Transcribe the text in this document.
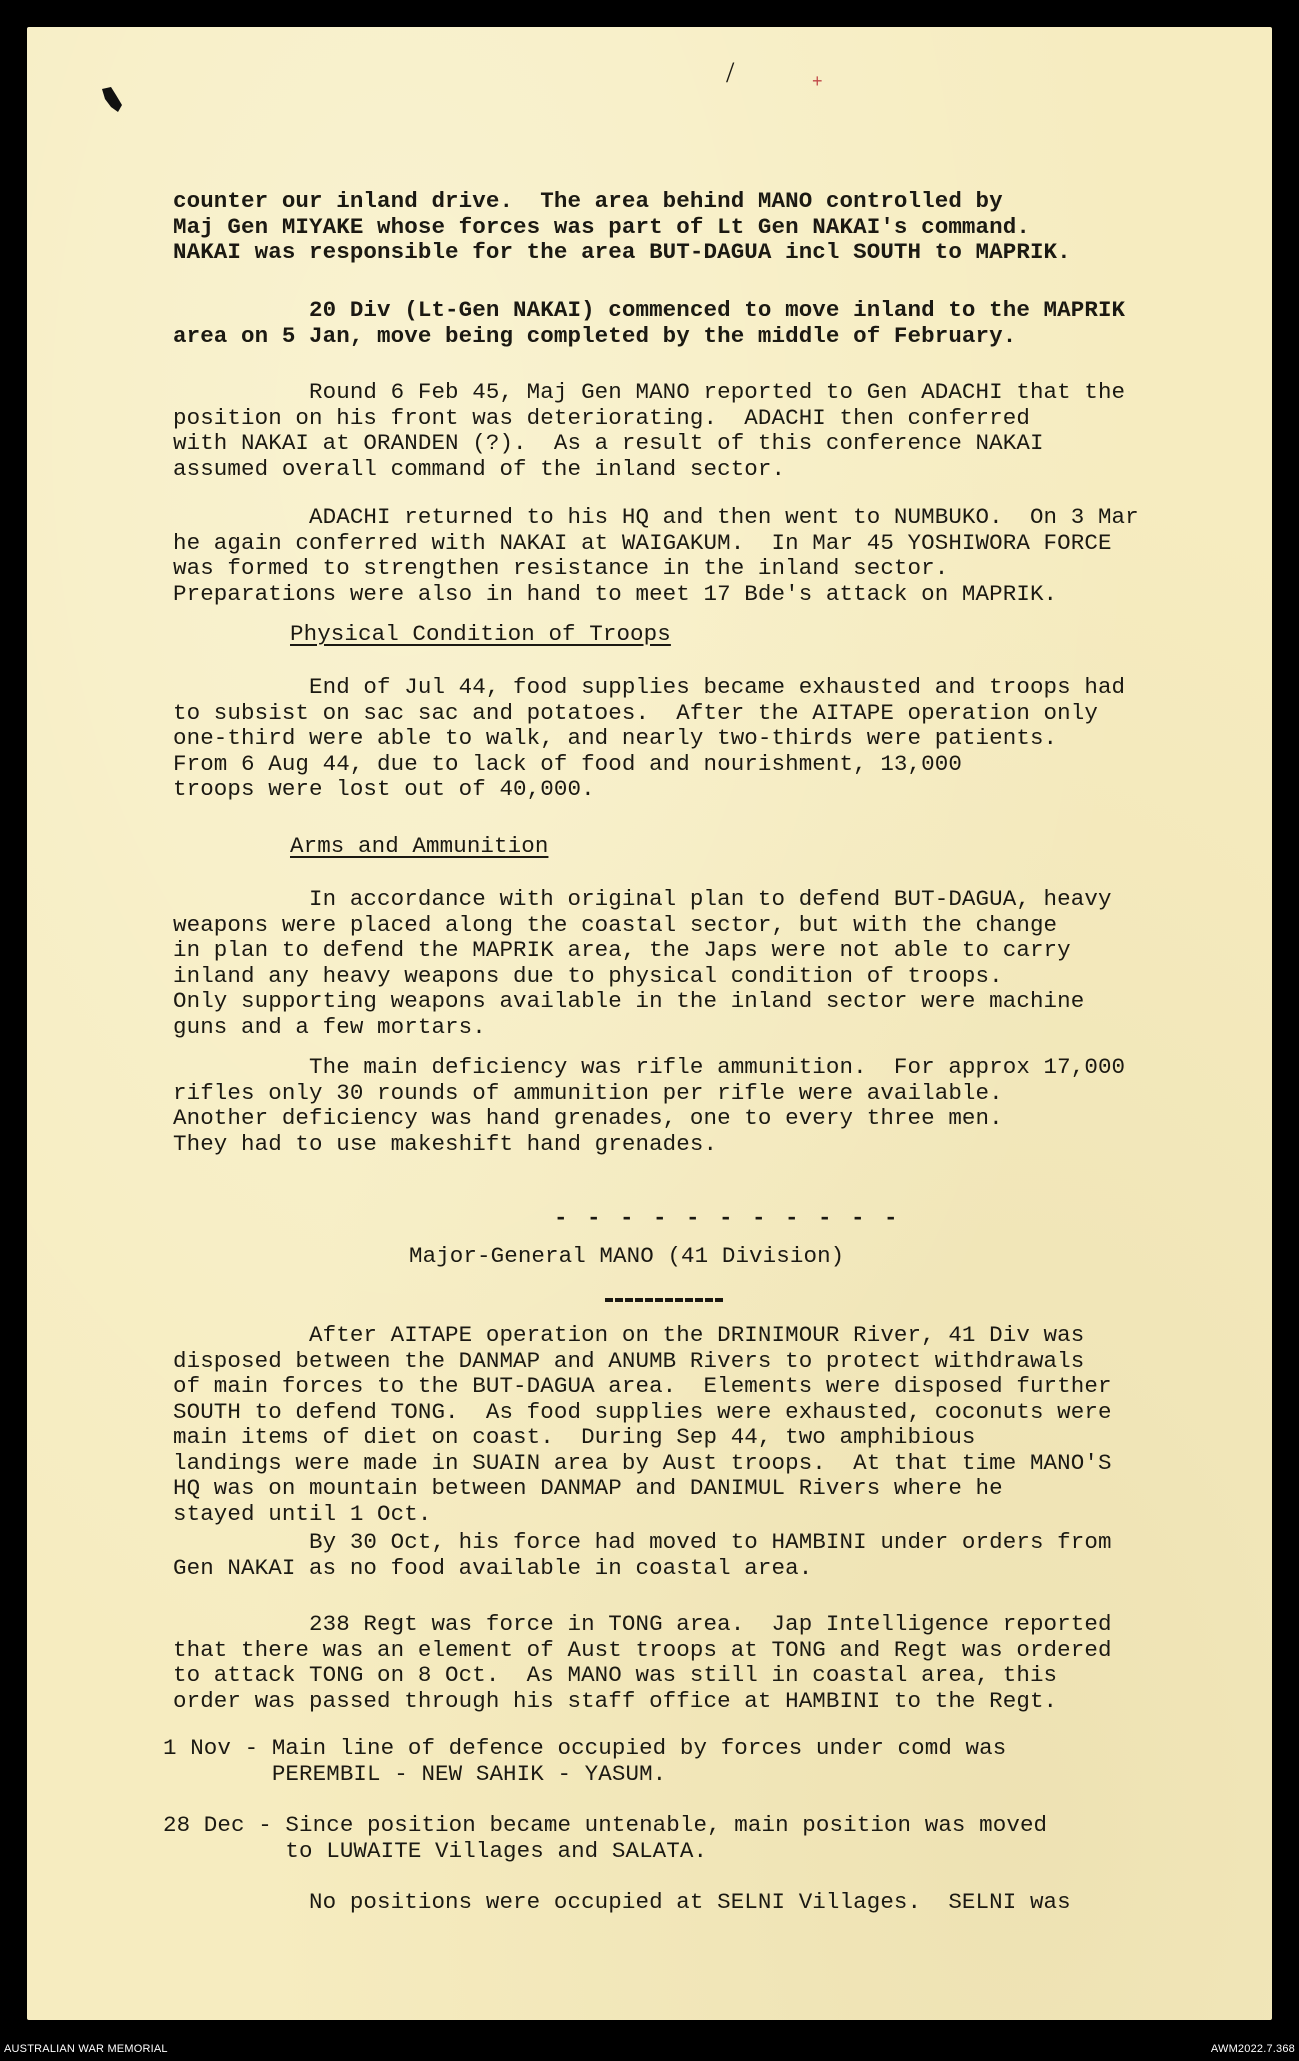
/	+
counter our inland drive.  The area behind MANO controlled by
Maj Gen MIYAKE whose forces was part of Lt Gen NAKAI's command.
NAKAI was responsible for the area BUT-DAGUA incl SOUTH to MAPRIK.
20 Div (Lt-Gen NAKAI) commenced to move inland to the MAPRIK
area on 5 Jan, move being completed by the middle of February.
Round 6 Feb 45, Maj Gen MANO reported to Gen ADACHI that the
position on his front was deteriorating.  ADACHI then conferred
with NAKAI at ORANDEN (?).  As a result of this conference NAKAI
assumed overall command of the inland sector.
ADACHI returned to his HQ and then went to NUMBUKO.  On 3 Mar
he again conferred with NAKAI at WAIGAKUM.  In Mar 45 YOSHIWORA FORCE
was formed to strengthen resistance in the inland sector.
Preparations were also in hand to meet 17 Bde's attack on MAPRIK.
Physical Condition of Troops
End of Jul 44, food supplies became exhausted and troops had
to subsist on sac sac and potatoes.  After the AITAPE operation only
one-third were able to walk, and nearly two-thirds were patients.
From 6 Aug 44, due to lack of food and nourishment, 13,000
troops were lost out of 40,000.
Arms and Ammunition
In accordance with original plan to defend BUT-DAGUA, heavy
weapons were placed along the coastal sector, but with the change
in plan to defend the MAPRIK area, the Japs were not able to carry
inland any heavy weapons due to physical condition of troops.
Only supporting weapons available in the inland sector were machine
guns and a few mortars.
The main deficiency was rifle ammunition.  For approx 17,000
rifles only 30 rounds of ammunition per rifle were available.
Another deficiency was hand grenades, one to every three men.
They had to use makeshift hand grenades.
- - - - - - - - - - -
Major-General MANO (41 Division)
After AITAPE operation on the DRINIMOUR River, 41 Div was
disposed between the DANMAP and ANUMB Rivers to protect withdrawals
of main forces to the BUT-DAGUA area.  Elements were disposed further
SOUTH to defend TONG.  As food supplies were exhausted, coconuts were
main items of diet on coast.  During Sep 44, two amphibious
landings were made in SUAIN area by Aust troops.  At that time MANO'S
HQ was on mountain between DANMAP and DANIMUL Rivers where he
stayed until 1 Oct.
By 30 Oct, his force had moved to HAMBINI under orders from
Gen NAKAI as no food available in coastal area.
238 Regt was force in TONG area.  Jap Intelligence reported
that there was an element of Aust troops at TONG and Regt was ordered
to attack TONG on 8 Oct.  As MANO was still in coastal area, this
order was passed through his staff office at HAMBINI to the Regt.
1 Nov - Main line of defence occupied by forces under comd was
PEREMBIL - NEW SAHIK - YASUM.
28 Dec - Since position became untenable, main position was moved
to LUWAITE Villages and SALATA.
No positions were occupied at SELNI Villages.  SELNI was
AUSTRALIAN WAR MEMORIAL	AWM2022.7.368
